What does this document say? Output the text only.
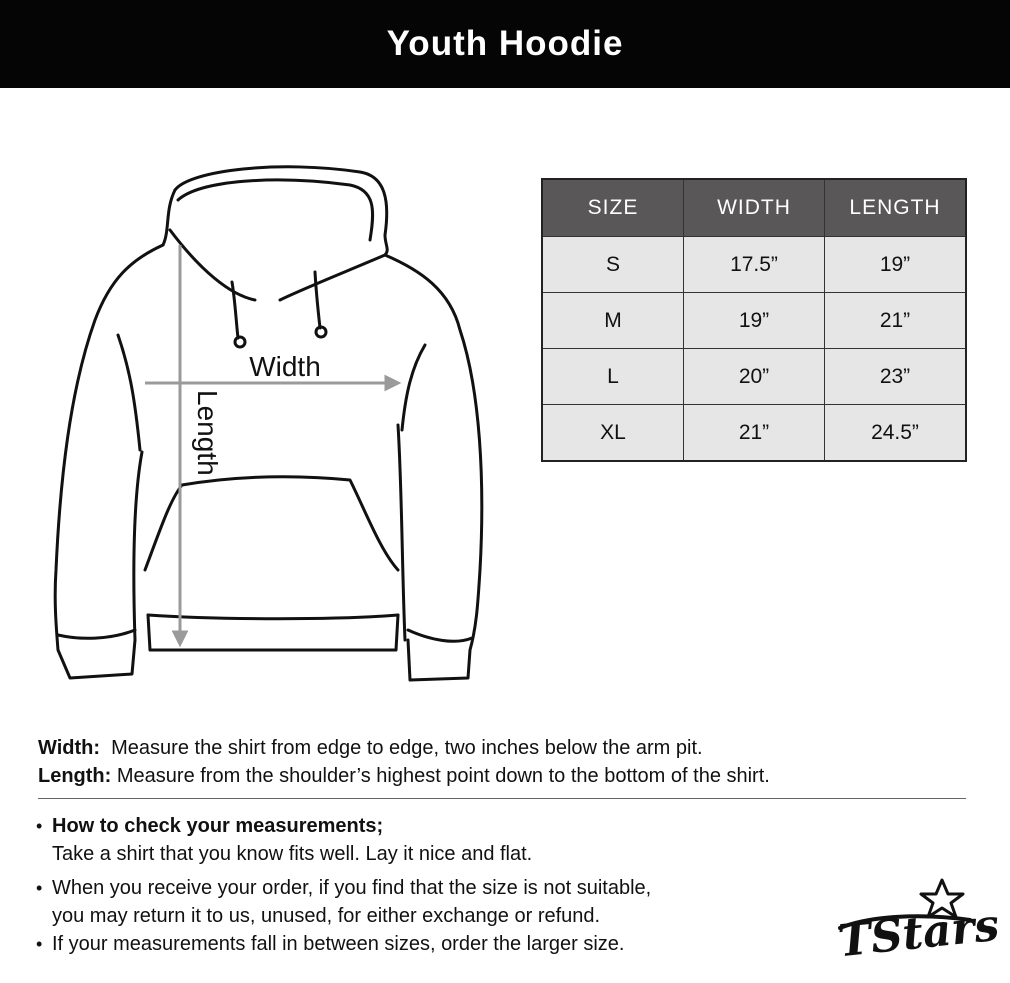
Youth Hoodie
Width
Length
SIZE	WIDTH	LENGTH
S	17.5”	19”
M	19”	21”
L	20”	23”
XL	21”	24.5”

Width: Measure the shirt from edge to edge, two inches below the arm pit.

Length: Measure from the shoulder’s highest point down to the bottom of the shirt.

• How to check your measurements;

Take a shirt that you know fits well. Lay it nice and flat.

• When you receive your order, if you find that the size is not suitable,

you may return it to us, unused, for either exchange or refund.

• If your measurements fall in between sizes, order the larger size.	TStars
